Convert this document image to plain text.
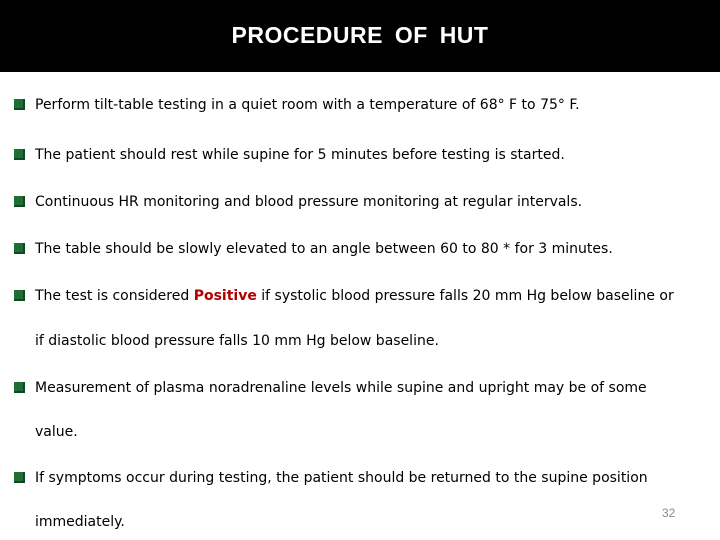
PROCEDURE OF HUT
Perform tilt-table testing in a quiet room with a temperature of 68° F to 75° F.
The patient should rest while supine for 5 minutes before testing is started.
Continuous HR monitoring and blood pressure monitoring at regular intervals.
The table should be slowly elevated to an angle between 60 to 80 * for 3 minutes.
The test is considered Positive if systolic blood pressure falls 20 mm Hg below baseline or
if diastolic blood pressure falls 10 mm Hg below baseline.
Measurement of plasma noradrenaline levels while supine and upright may be of some
value.
If symptoms occur during testing, the patient should be returned to the supine position
immediately.
32
